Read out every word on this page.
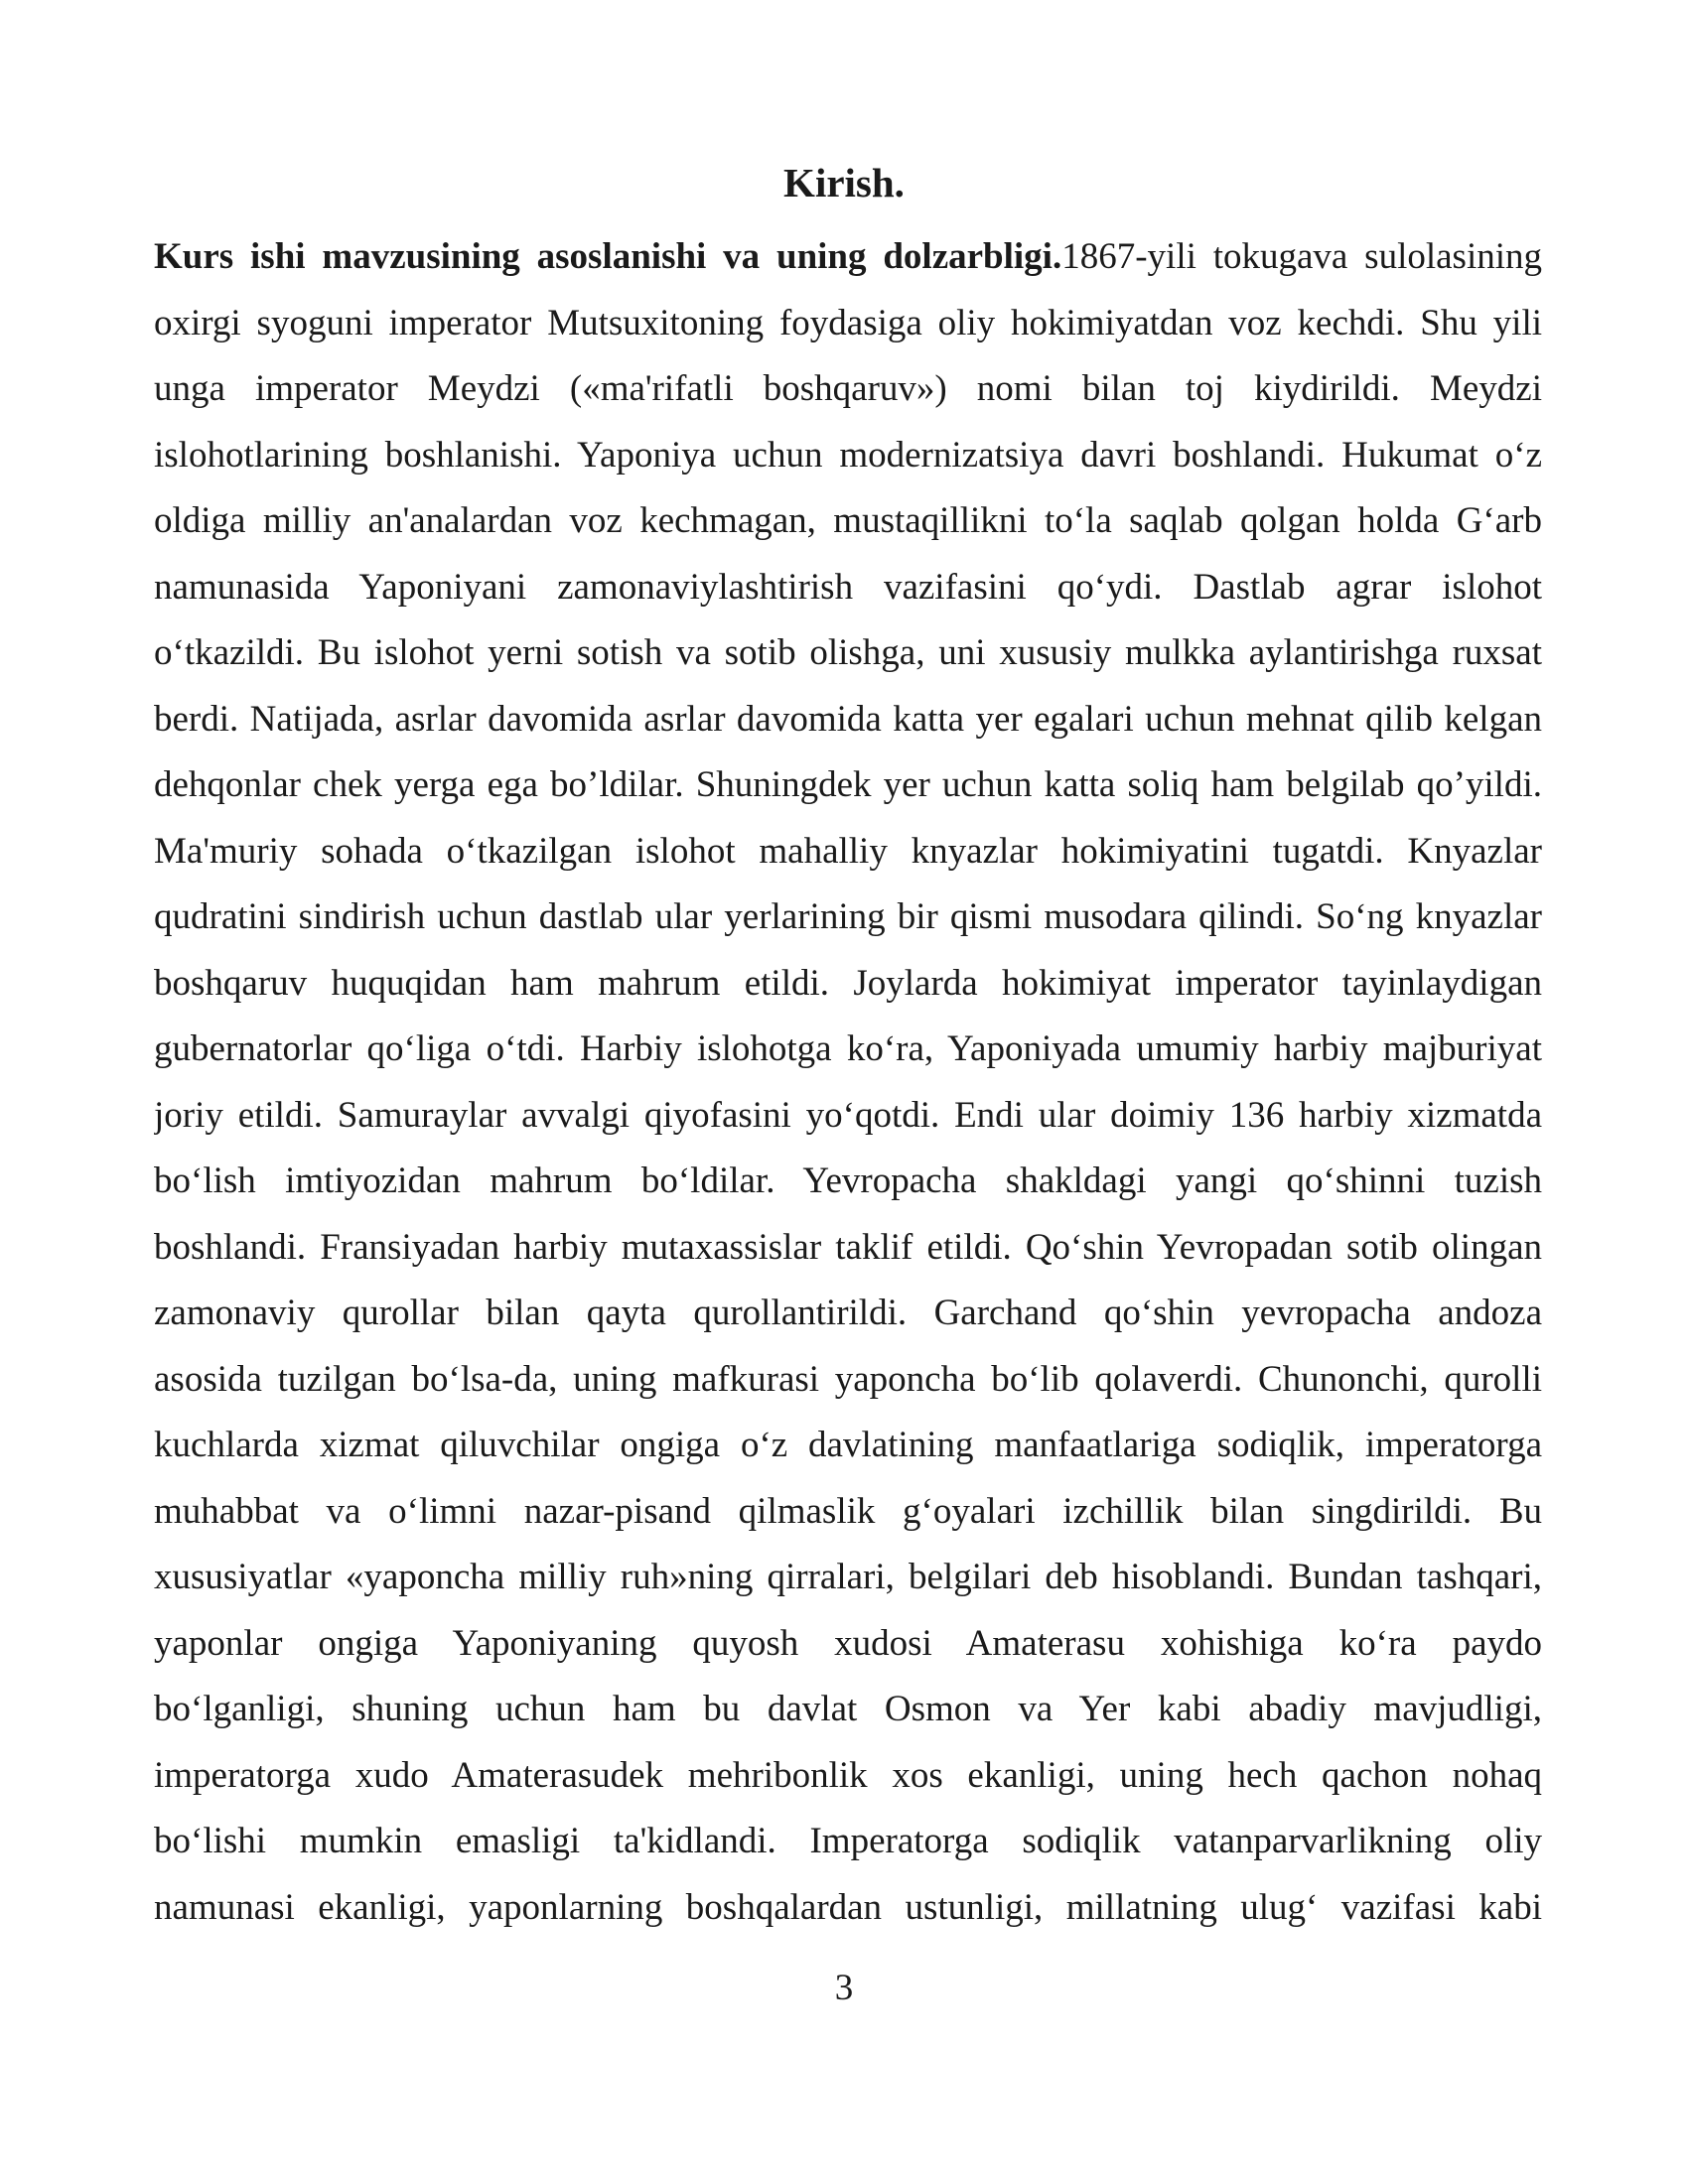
Kirish.
Kurs ishi mavzusining asoslanishi va uning dolzarbligi.1867-yili tokugava sulolasining
oxirgi syoguni imperator Mutsuxitoning foydasiga oliy hokimiyatdan voz kechdi. Shu yili
unga imperator Meydzi («ma'rifatli boshqaruv») nomi bilan toj kiydirildi. Meydzi
islohotlarining boshlanishi. Yaponiya uchun modernizatsiya davri boshlandi. Hukumat o‘z
oldiga milliy an'analardan voz kechmagan, mustaqillikni to‘la saqlab qolgan holda G‘arb
namunasida Yaponiyani zamonaviylashtirish vazifasini qo‘ydi. Dastlab agrar islohot
o‘tkazildi. Bu islohot yerni sotish va sotib olishga, uni xususiy mulkka aylantirishga ruxsat
berdi. Natijada, asrlar davomida asrlar davomida katta yer egalari uchun mehnat qilib kelgan
dehqonlar chek yerga ega bo’ldilar. Shuningdek yer uchun katta soliq ham belgilab qo’yildi.
Ma'muriy sohada o‘tkazilgan islohot mahalliy knyazlar hokimiyatini tugatdi. Knyazlar
qudratini sindirish uchun dastlab ular yerlarining bir qismi musodara qilindi. So‘ng knyazlar
boshqaruv huquqidan ham mahrum etildi. Joylarda hokimiyat imperator tayinlaydigan
gubernatorlar qo‘liga o‘tdi. Harbiy islohotga ko‘ra, Yaponiyada umumiy harbiy majburiyat
joriy etildi. Samuraylar avvalgi qiyofasini yo‘qotdi. Endi ular doimiy 136 harbiy xizmatda
bo‘lish imtiyozidan mahrum bo‘ldilar. Yevropacha shakldagi yangi qo‘shinni tuzish
boshlandi. Fransiyadan harbiy mutaxassislar taklif etildi. Qo‘shin Yevropadan sotib olingan
zamonaviy qurollar bilan qayta qurollantirildi. Garchand qo‘shin yevropacha andoza
asosida tuzilgan bo‘lsa-da, uning mafkurasi yaponcha bo‘lib qolaverdi. Chunonchi, qurolli
kuchlarda xizmat qiluvchilar ongiga o‘z davlatining manfaatlariga sodiqlik, imperatorga
muhabbat va o‘limni nazar-pisand qilmaslik g‘oyalari izchillik bilan singdirildi. Bu
xususiyatlar «yaponcha milliy ruh»ning qirralari, belgilari deb hisoblandi. Bundan tashqari,
yaponlar ongiga Yaponiyaning quyosh xudosi Amaterasu xohishiga ko‘ra paydo
bo‘lganligi, shuning uchun ham bu davlat Osmon va Yer kabi abadiy mavjudligi,
imperatorga xudo Amaterasudek mehribonlik xos ekanligi, uning hech qachon nohaq
bo‘lishi mumkin emasligi ta'kidlandi. Imperatorga sodiqlik vatanparvarlikning oliy
namunasi ekanligi, yaponlarning boshqalardan ustunligi, millatning ulug‘ vazifasi kabi
3
